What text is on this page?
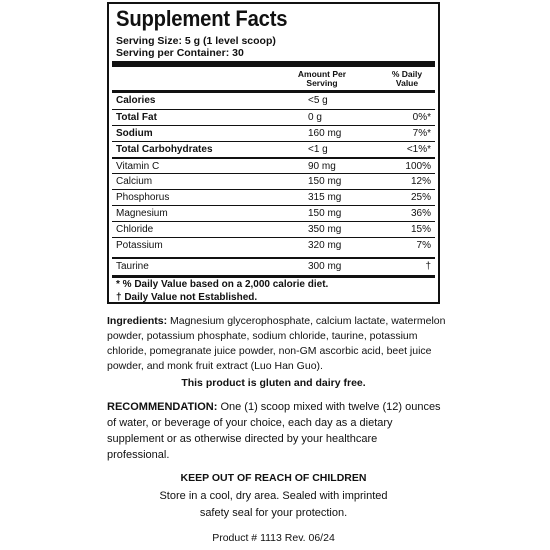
Supplement Facts
Serving Size: 5 g (1 level scoop)
Serving per Container: 30
Amount Per
Serving
% Daily
Value
Calories	<5 g
Total Fat	0 g	0%*
Sodium	160 mg	7%*
Total Carbohydrates	<1 g	<1%*
Vitamin C	90 mg	100%
Calcium	150 mg	12%
Phosphorus	315 mg	25%
Magnesium	150 mg	36%
Chloride	350 mg	15%
Potassium	320 mg	7%
Taurine	300 mg	†
* % Daily Value based on a 2,000 calorie diet.
† Daily Value not Established.
Ingredients: Magnesium glycerophosphate, calcium lactate, watermelon powder, potassium phosphate, sodium chloride, taurine, potassium chloride, pomegranate juice powder, non-GM ascorbic acid, beet juice powder, and monk fruit extract (Luo Han Guo).
This product is gluten and dairy free.
RECOMMENDATION: One (1) scoop mixed with twelve (12) ounces of water, or beverage of your choice, each day as a dietary supplement or as otherwise directed by your healthcare professional.
KEEP OUT OF REACH OF CHILDREN
Store in a cool, dry area. Sealed with imprinted
safety seal for your protection.
Product # 1113 Rev. 06/24
